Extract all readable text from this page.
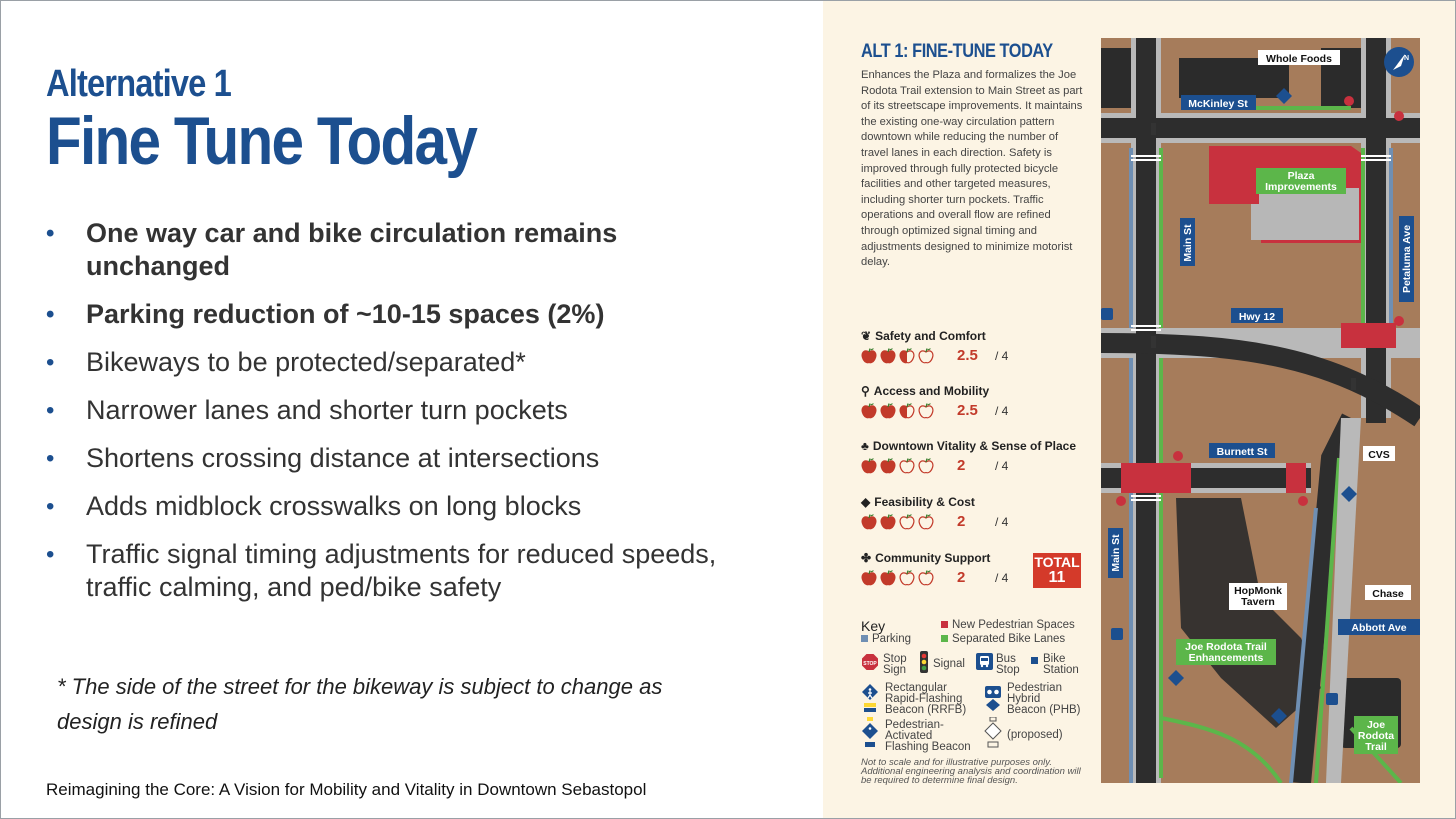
Alternative 1
Fine Tune Today
• One way car and bike circulation remains unchanged
• Parking reduction of ~10-15 spaces (2%)
• Bikeways to be protected/separated*
• Narrower lanes and shorter turn pockets
• Shortens crossing distance at intersections
• Adds midblock crosswalks on long blocks
• Traffic signal timing adjustments for reduced speeds, traffic calming, and ped/bike safety
* The side of the street for the bikeway is subject to change as design is refined
Reimagining the Core: A Vision for Mobility and Vitality in Downtown Sebastopol
ALT 1: FINE-TUNE TODAY
Enhances the Plaza and formalizes the Joe Rodota Trail extension to Main Street as part of its streetscape improvements. It maintains the existing one-way circulation pattern downtown while reducing the number of travel lanes in each direction. Safety is improved through fully protected bicycle facilities and other targeted measures, including shorter turn pockets. Traffic operations and overall flow are refined through optimized signal timing and adjustments designed to minimize motorist delay.
❦ Safety and Comfort
2.5	/ 4
⚲ Access and Mobility
2.5	/ 4
♣ Downtown Vitality & Sense of Place
2	/ 4
◆ Feasibility & Cost
2	/ 4
✤ Community Support
2	/ 4
TOTAL
11
Key
Parking
New Pedestrian Spaces
Separated Bike Lanes
STOP Stop
Sign Signal	Bus
Stop
Bike
Station
Rectangular
Rapid-Flashing
Beacon (RRFB)
Pedestrian
Hybrid
Beacon (PHB)
Pedestrian-
Activated
Flashing Beacon
(proposed)
Not to scale and for illustrative purposes only. Additional engineering analysis and coordination will be required to determine final design.
Whole Foods
McKinley St
Plaza
Improvements
Main St	Petaluma Ave
Hwy 12
Burnett St	CVS
Main St
HopMonk
Tavern
Chase
Abbott Ave
Joe Rodota Trail
Enhancements
Joe
Rodota
Trail
N
